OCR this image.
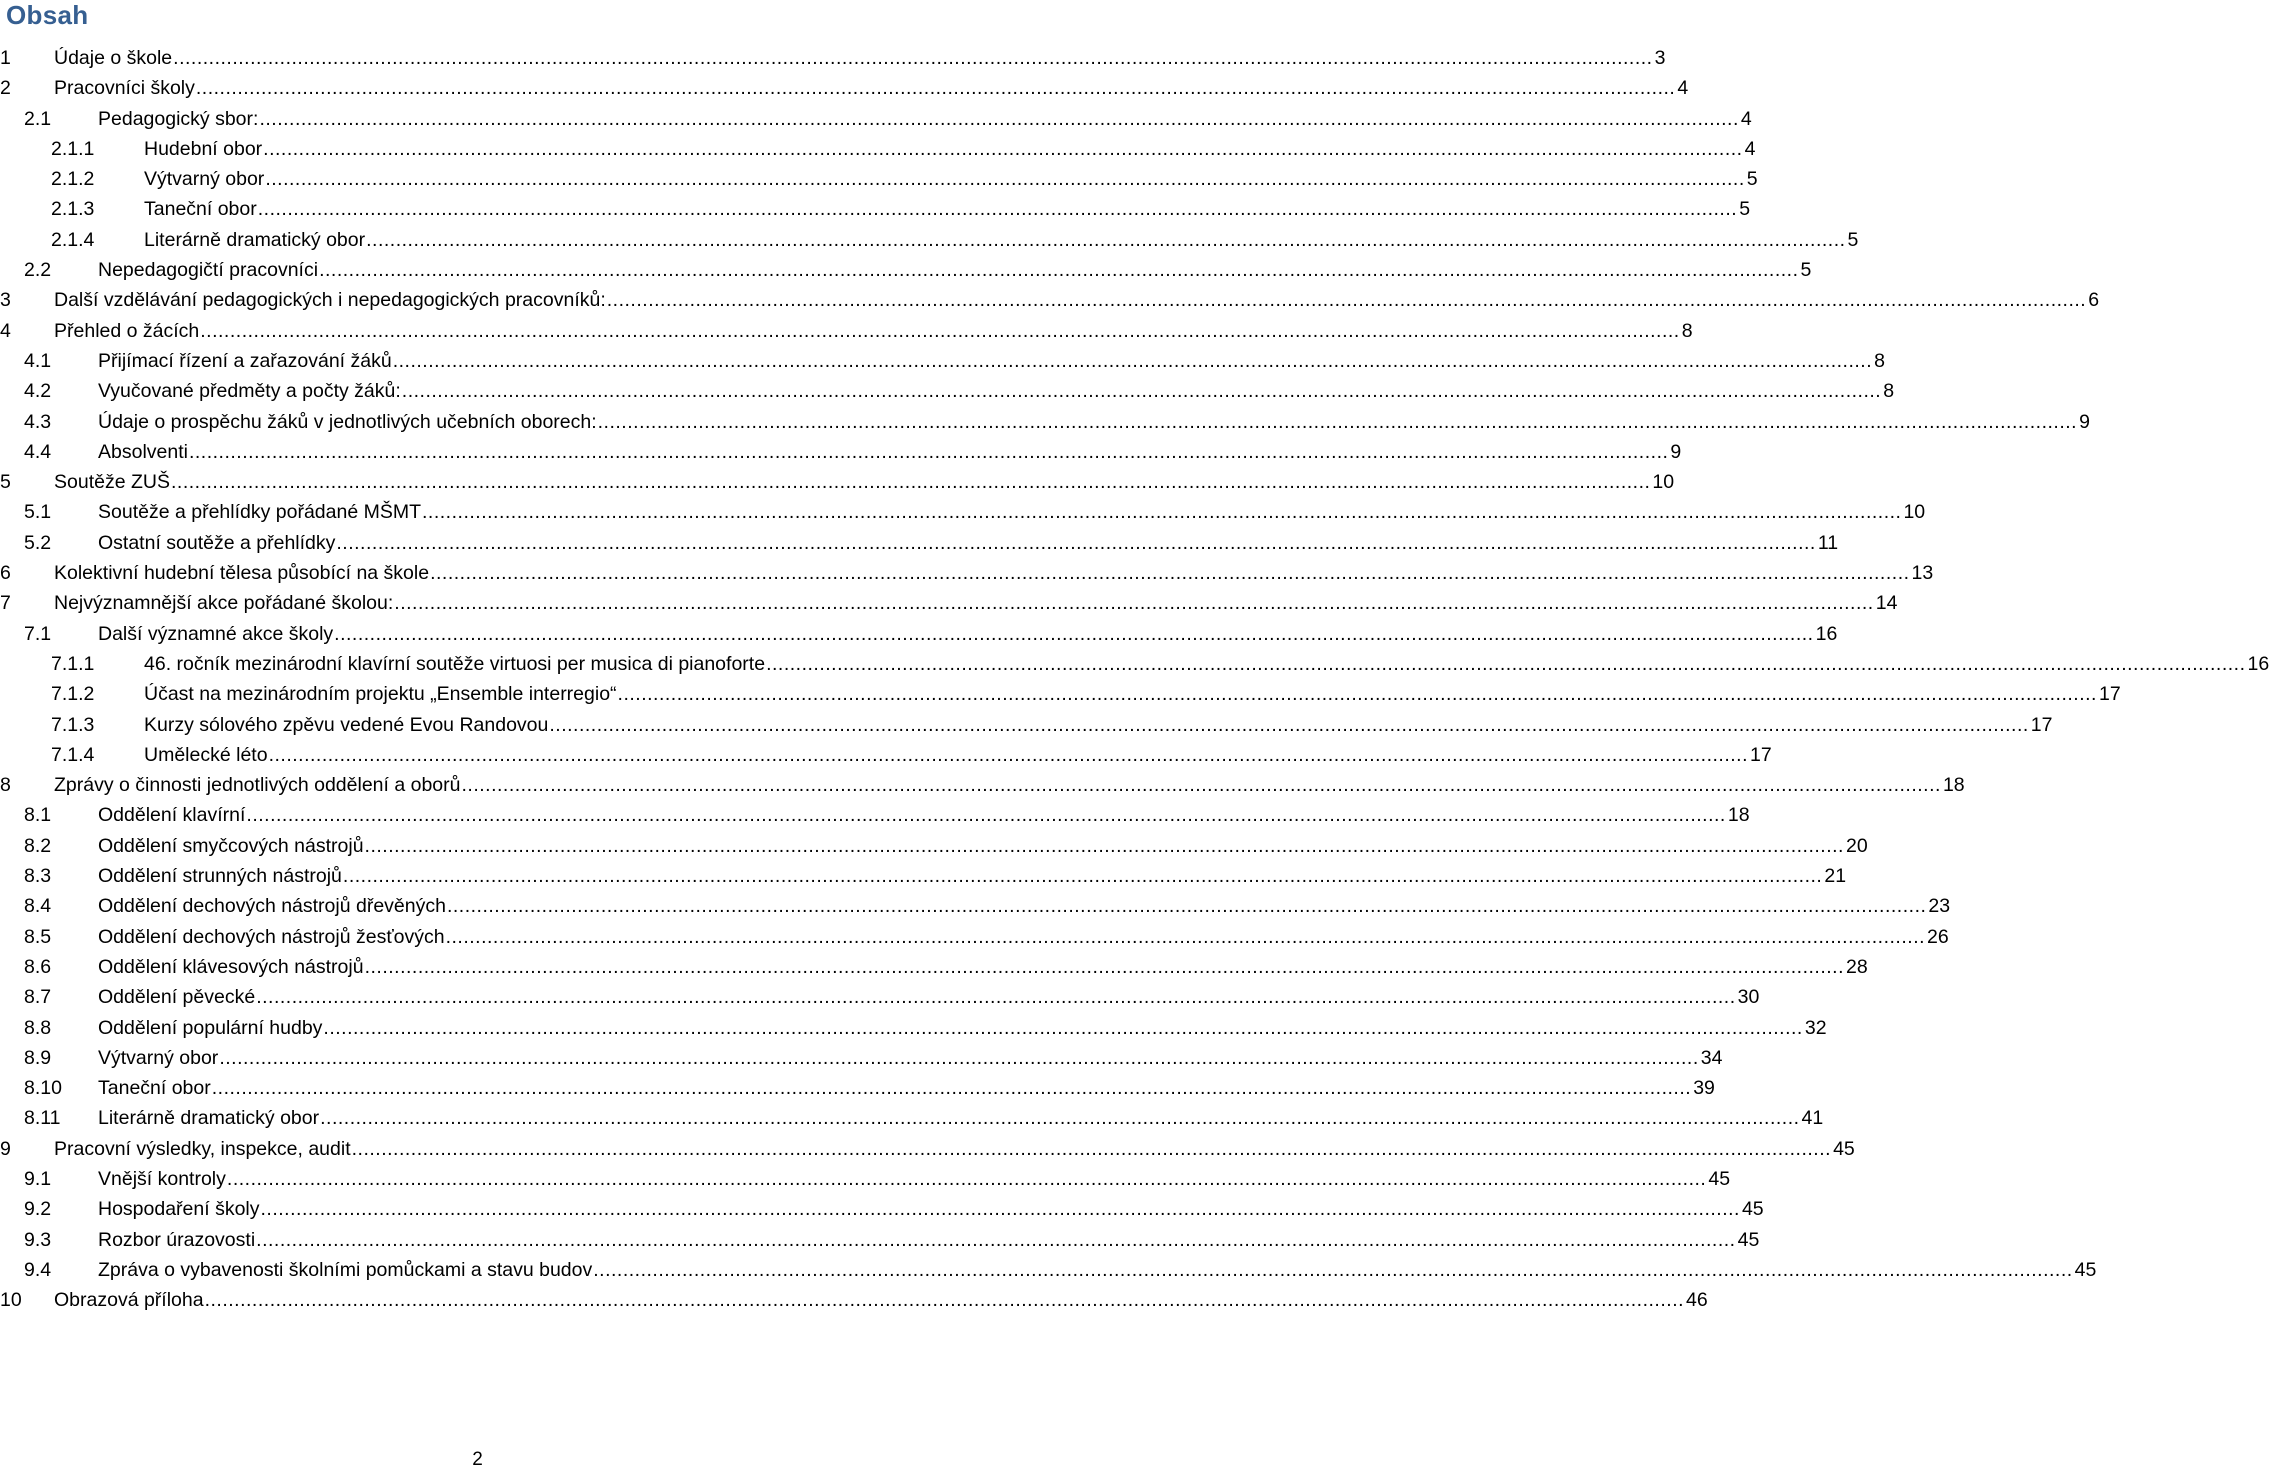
Obsah
1	Údaje o škole .....	3
2	Pracovníci školy .....	4
2.1	Pedagogický sbor: .....	4
2.1.1	Hudební obor .....	4
2.1.2	Výtvarný obor .....	5
2.1.3	Taneční obor .....	5
2.1.4	Literárně dramatický obor .....	5
2.2	Nepedagogičtí pracovníci .....	5
3	Další vzdělávání pedagogických i nepedagogických pracovníků: .....	6
4	Přehled o žácích .....	8
4.1	Přijímací řízení a zařazování žáků .....	8
4.2	Vyučované předměty a počty žáků: .....	8
4.3	Údaje o prospěchu žáků v jednotlivých učebních oborech: .....	9
4.4	Absolventi .....	9
5	Soutěže ZUŠ .....	10
5.1	Soutěže a přehlídky pořádané MŠMT .....	10
5.2	Ostatní soutěže a přehlídky .....	11
6	Kolektivní hudební tělesa působící na škole .....	13
7	Nejvýznamnější akce pořádané školou: .....	14
7.1	Další významné akce školy .....	16
7.1.1	46. ročník mezinárodní klavírní soutěže virtuosi per musica di pianoforte .....	16
7.1.2	Účast na mezinárodním projektu „Ensemble interregio“ .....	17
7.1.3	Kurzy sólového zpěvu vedené Evou Randovou .....	17
7.1.4	Umělecké léto .....	17
8	Zprávy o činnosti jednotlivých oddělení a oborů .....	18
8.1	Oddělení klavírní .....	18
8.2	Oddělení smyčcových nástrojů .....	20
8.3	Oddělení strunných nástrojů .....	21
8.4	Oddělení dechových nástrojů dřevěných .....	23
8.5	Oddělení dechových nástrojů žesťových .....	26
8.6	Oddělení klávesových nástrojů .....	28
8.7	Oddělení pěvecké .....	30
8.8	Oddělení populární hudby .....	32
8.9	Výtvarný obor .....	34
8.10	Taneční obor .....	39
8.11	Literárně dramatický obor .....	41
9	Pracovní výsledky, inspekce, audit .....	45
9.1	Vnější kontroly .....	45
9.2	Hospodaření školy .....	45
9.3	Rozbor úrazovosti .....	45
9.4	Zpráva o vybavenosti školními pomůckami a stavu budov .....	45
10	Obrazová příloha .....	46
2
